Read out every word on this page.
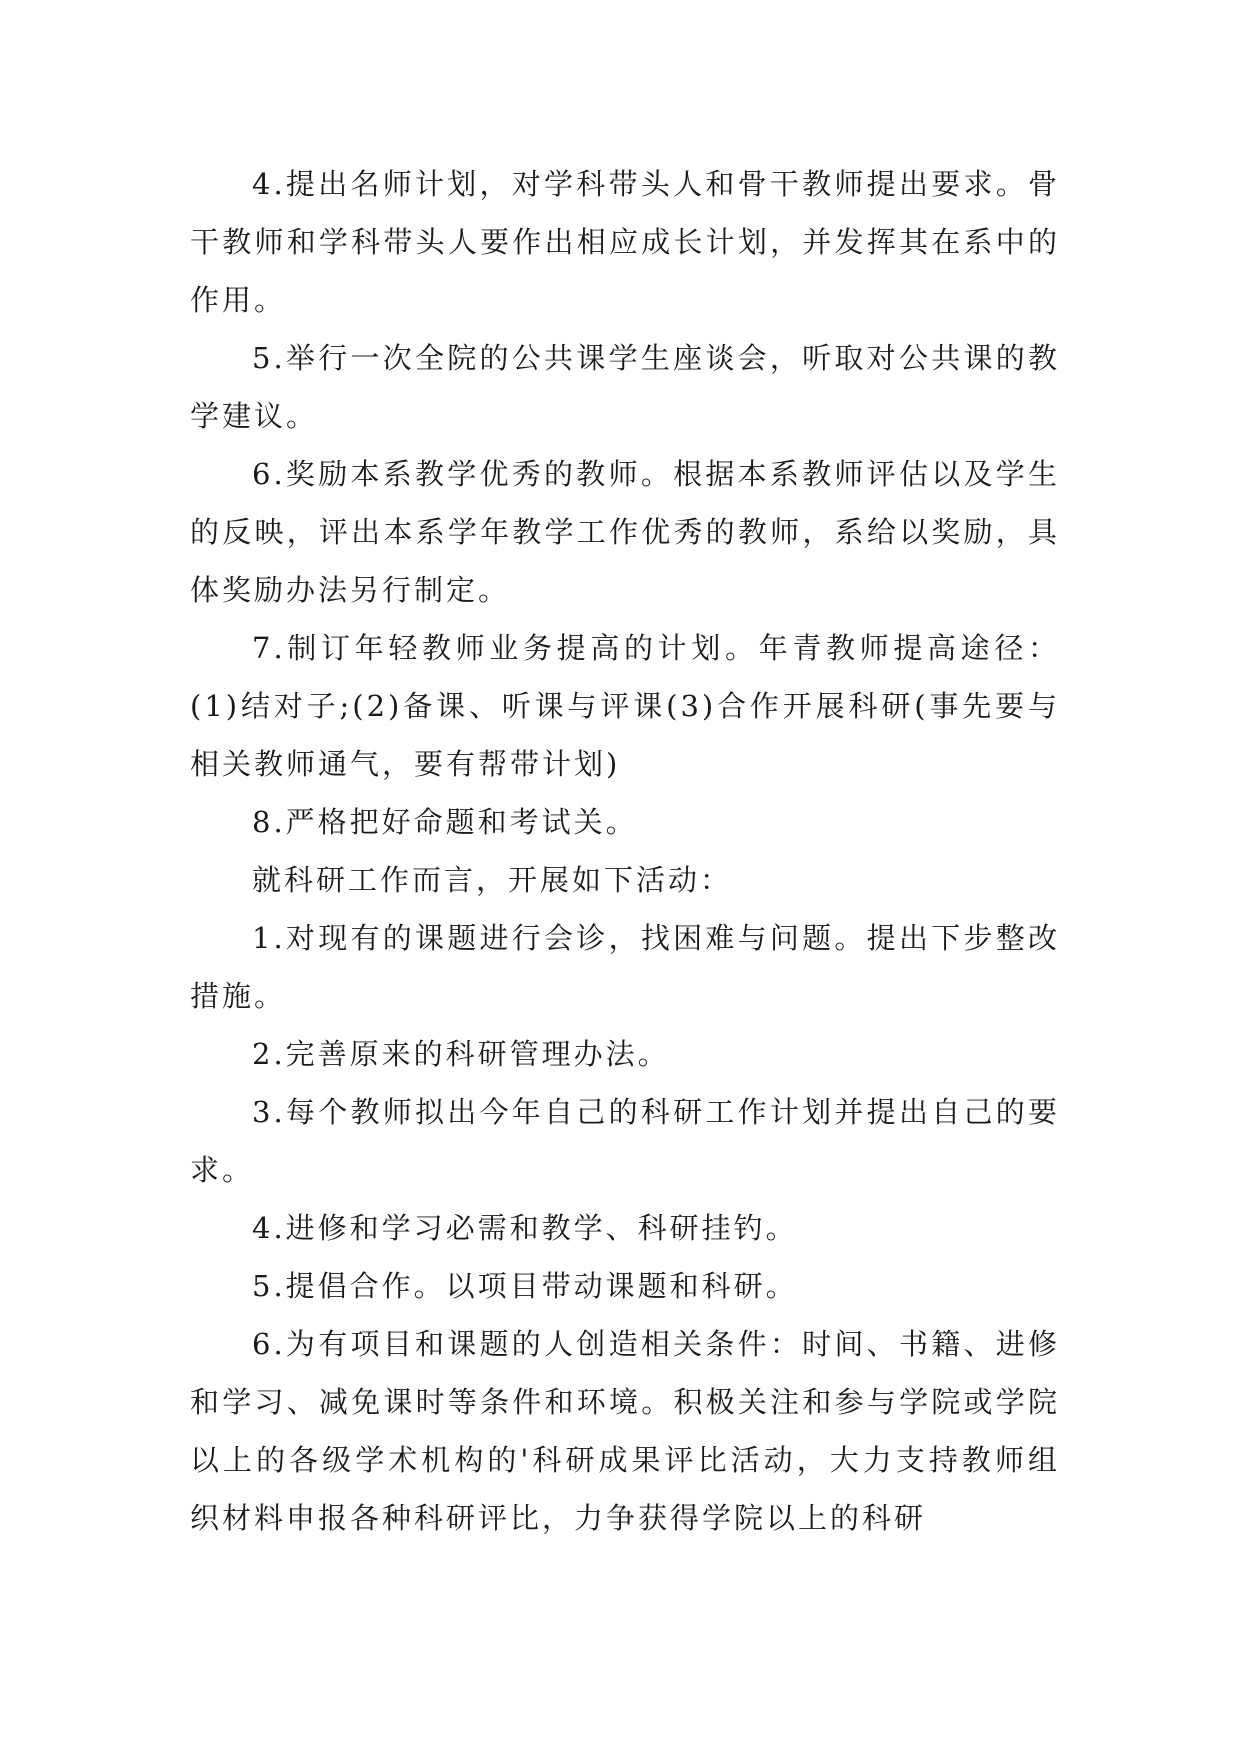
4.提出名师计划，对学科带头人和骨干教师提出要求。骨干教师和学科带头人要作出相应成长计划，并发挥其在系中的作用。

5.举行一次全院的公共课学生座谈会，听取对公共课的教学建议。

6.奖励本系教学优秀的教师。根据本系教师评估以及学生的反映，评出本系学年教学工作优秀的教师，系给以奖励，具体奖励办法另行制定。

7.制订年轻教师业务提高的计划。年青教师提高途径：(1)结对子;(2)备课、听课与评课(3)合作开展科研(事先要与相关教师通气，要有帮带计划)

8.严格把好命题和考试关。

就科研工作而言，开展如下活动：

1.对现有的课题进行会诊，找困难与问题。提出下步整改措施。

2.完善原来的科研管理办法。

3.每个教师拟出今年自己的科研工作计划并提出自己的要求。

4.进修和学习必需和教学、科研挂钓。

5.提倡合作。以项目带动课题和科研。

6.为有项目和课题的人创造相关条件：时间、书籍、进修和学习、减免课时等条件和环境。积极关注和参与学院或学院以上的各级学术机构的'科研成果评比活动，大力支持教师组织材料申报各种科研评比，力争获得学院以上的科研
